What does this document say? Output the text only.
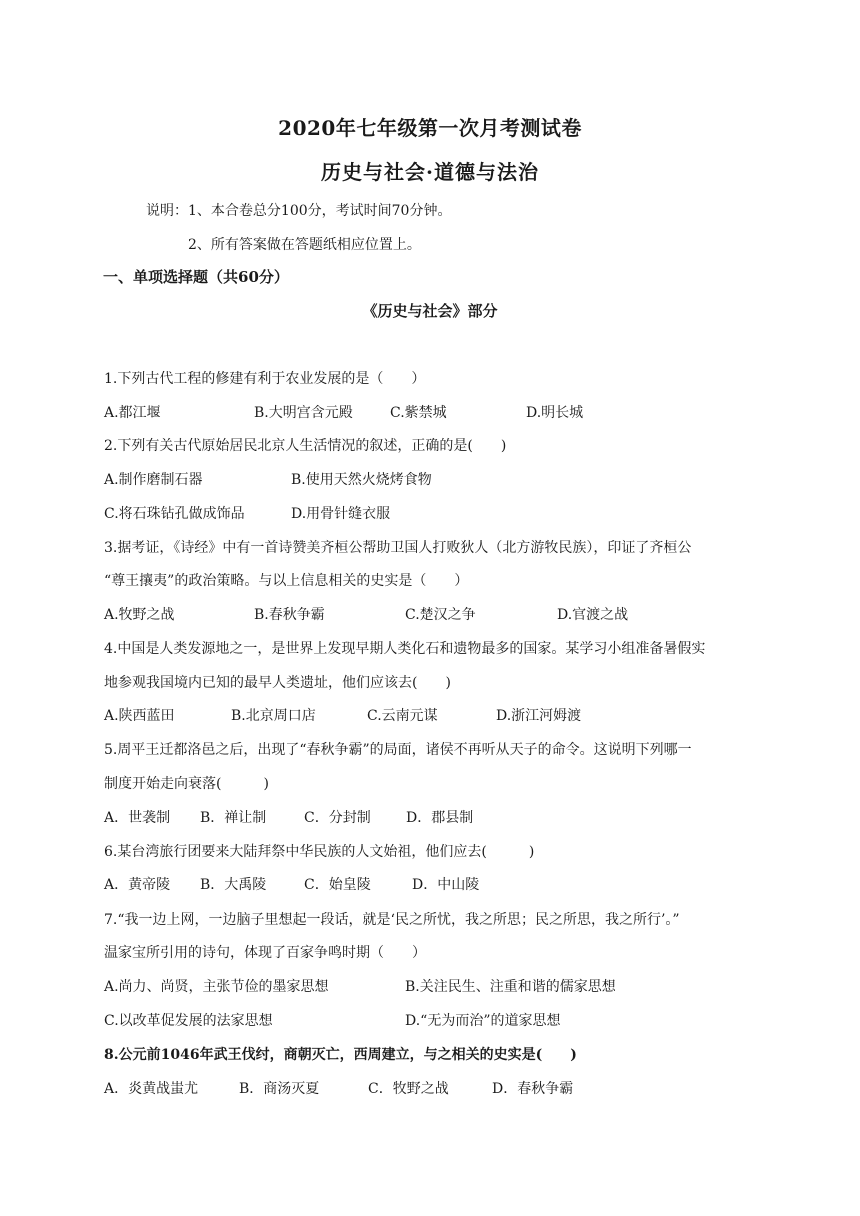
2020年七年级第一次月考测试卷
历史与社会·道德与法治
说明：1、本合卷总分100分，考试时间70分钟。
2、所有答案做在答题纸相应位置上。
一、单项选择题（共60分）
《历史与社会》部分
1.下列古代工程的修建有利于农业发展的是（　　）
A.都江堰	B.大明宫含元殿	C.紫禁城	D.明长城
2.下列有关古代原始居民北京人生活情况的叙述，正确的是(　　)
A.制作磨制石器	B.使用天然火烧烤食物
C.将石珠钻孔做成饰品	D.用骨针缝衣服
3.据考证，《诗经》中有一首诗赞美齐桓公帮助卫国人打败狄人（北方游牧民族），印证了齐桓公
“尊王攘夷”的政治策略。与以上信息相关的史实是（　　）
A.牧野之战	B.春秋争霸	C.楚汉之争	D.官渡之战
4.中国是人类发源地之一，是世界上发现早期人类化石和遗物最多的国家。某学习小组准备暑假实
地参观我国境内已知的最早人类遗址，他们应该去(　　)
A.陕西蓝田	B.北京周口店	C.云南元谋	D.浙江河姆渡
5.周平王迁都洛邑之后，出现了“春秋争霸”的局面，诸侯不再听从天子的命令。这说明下列哪一
制度开始走向衰落(　　　)
A．世袭制 B．禅让制	C．分封制	D．郡县制
6.某台湾旅行团要来大陆拜祭中华民族的人文始祖，他们应去(　　　)
A．黄帝陵 B．大禹陵	C．始皇陵	D．中山陵
7.“我一边上网，一边脑子里想起一段话，就是‘民之所忧，我之所思；民之所思，我之所行’。”
温家宝所引用的诗句，体现了百家争鸣时期（　　）
A.尚力、尚贤，主张节俭的墨家思想	B.关注民生、注重和谐的儒家思想
C.以改革促发展的法家思想	D.“无为而治”的道家思想
8.公元前1046年武王伐纣，商朝灭亡，西周建立，与之相关的史实是(　　)
A．炎黄战蚩尤	B．商汤灭夏	C．牧野之战	D．春秋争霸
